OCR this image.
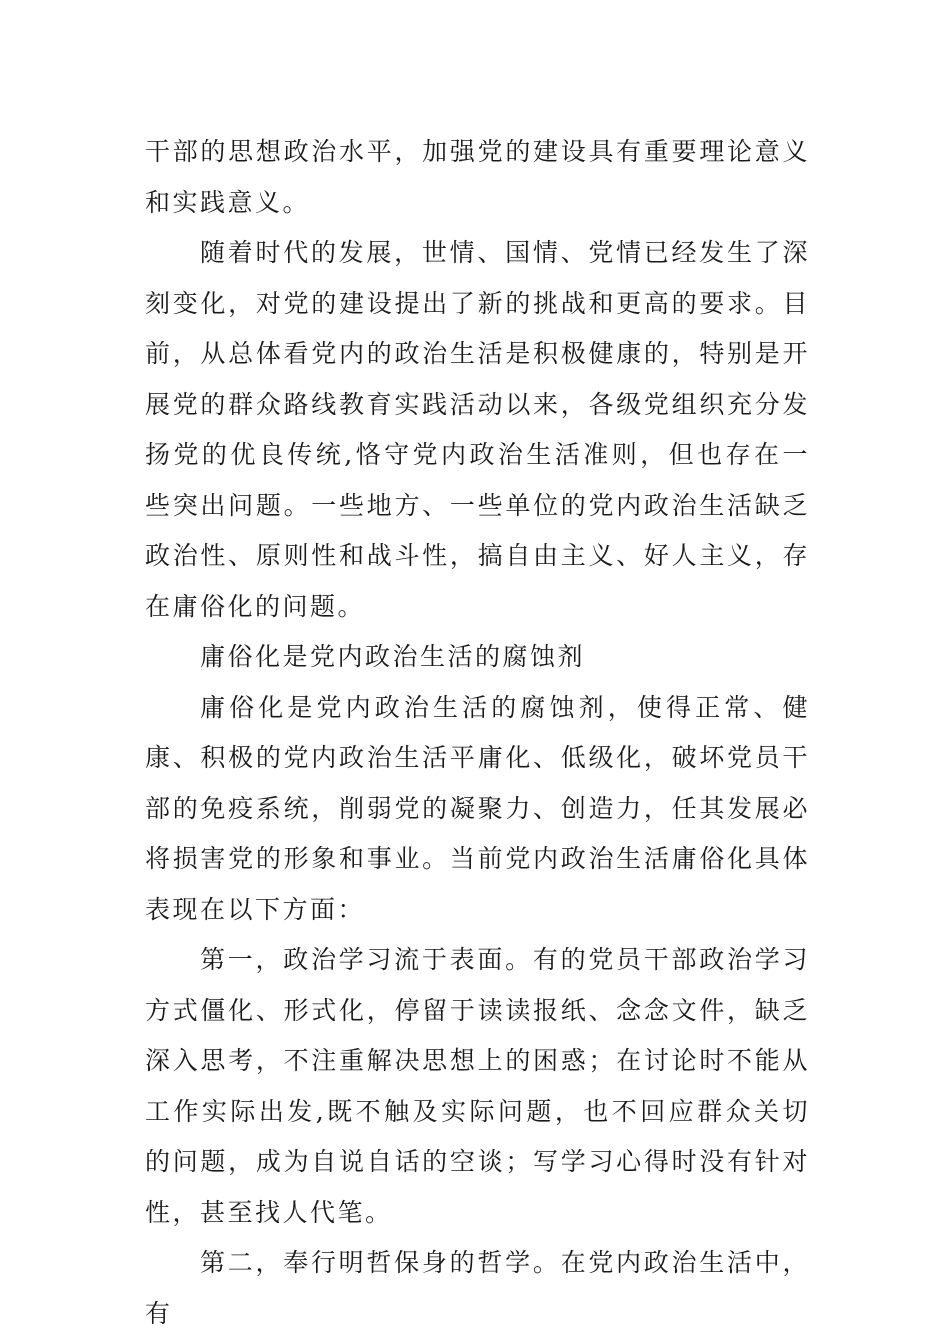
干部的思想政治水平，加强党的建设具有重要理论意义和实践意义。

随着时代的发展，世情、国情、党情已经发生了深刻变化，对党的建设提出了新的挑战和更高的要求。目前，从总体看党内的政治生活是积极健康的，特别是开展党的群众路线教育实践活动以来，各级党组织充分发扬党的优良传统,恪守党内政治生活准则，但也存在一些突出问题。一些地方、一些单位的党内政治生活缺乏政治性、原则性和战斗性，搞自由主义、好人主义，存在庸俗化的问题。

庸俗化是党内政治生活的腐蚀剂

庸俗化是党内政治生活的腐蚀剂，使得正常、健康、积极的党内政治生活平庸化、低级化，破坏党员干部的免疫系统，削弱党的凝聚力、创造力，任其发展必将损害党的形象和事业。当前党内政治生活庸俗化具体表现在以下方面：

第一，政治学习流于表面。有的党员干部政治学习方式僵化、形式化，停留于读读报纸、念念文件，缺乏深入思考，不注重解决思想上的困惑；在讨论时不能从工作实际出发,既不触及实际问题，也不回应群众关切的问题，成为自说自话的空谈；写学习心得时没有针对性，甚至找人代笔。

第二，奉行明哲保身的哲学。在党内政治生活中，有
